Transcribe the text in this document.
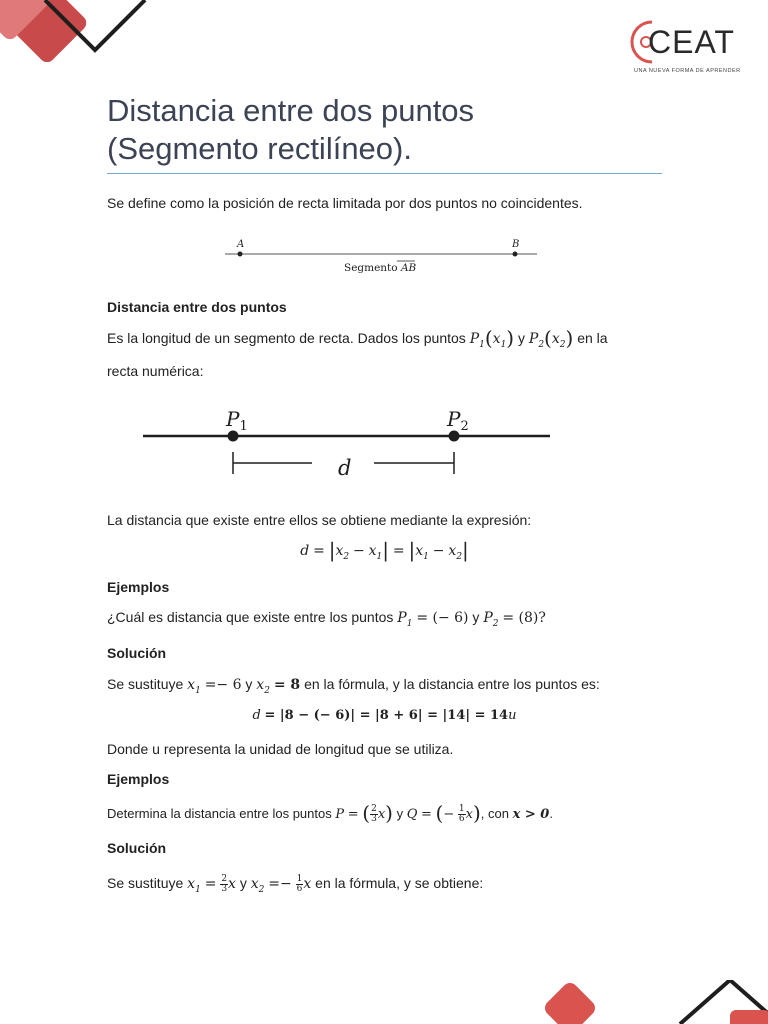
CEAT
UNA NUEVA FORMA DE APRENDER
Distancia entre dos puntos
(Segmento rectilíneo).
Se define como la posición de recta limitada por dos puntos no coincidentes.
A	B
Segmento AB
Distancia entre dos puntos
Es la longitud de un segmento de recta. Dados los puntos $P_1(x_1)$ y $P_2(x_2)$ en la
recta numérica:
$P_1$	$P_2$
d
La distancia que existe entre ellos se obtiene mediante la expresión:
$d = |x_2 - x_1| = |x_1 - x_2|$
Ejemplos
¿Cuál es distancia que existe entre los puntos $P_1$ = (− 6) y $P_2 = (8)$?
Solución
Se sustituye $x_1 =- 6$ y $x_2 = 8$ en la fórmula, y la distancia entre los puntos es:
d = |8 − (− 6)| = |8 + 6| = |14| = 14u
Donde u representa la unidad de longitud que se utiliza.
Ejemplos
Determina la distancia entre los puntos P = ( $\frac{2}{3} x$) y Q = (− $\frac{1}{6} x$), con x > 0.
Solución
Se sustituye $x_1 = \frac{2}{3}$ x y $x_2 =- \frac{1}{6}$ x en la fórmula, y se obtiene:
